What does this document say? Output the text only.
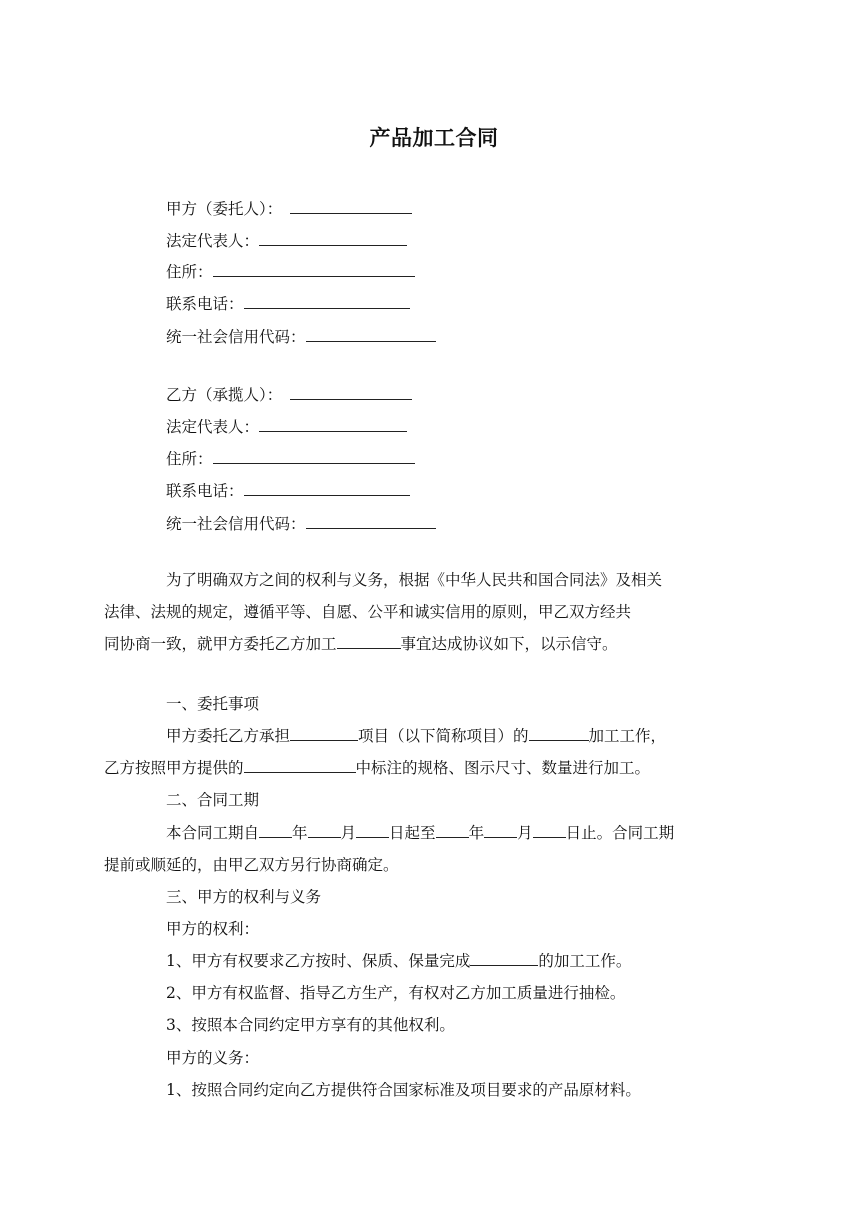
产品加工合同
甲方（委托人）：
法定代表人：
住所：
联系电话：
统一社会信用代码：
乙方（承揽人）：
法定代表人：
住所：
联系电话：
统一社会信用代码：
为了明确双方之间的权利与义务，根据《中华人民共和国合同法》及相关
法律、法规的规定，遵循平等、自愿、公平和诚实信用的原则，甲乙双方经共
同协商一致，就甲方委托乙方加工	事宜达成协议如下，以示信守。
一、委托事项
甲方委托乙方承担	项目（以下简称项目）的	加工工作，
乙方按照甲方提供的	中标注的规格、图示尺寸、数量进行加工。
二、合同工期
本合同工期自 年 月 日起至 年 月 日止。合同工期
提前或顺延的，由甲乙双方另行协商确定。
三、甲方的权利与义务
甲方的权利：
1、甲方有权要求乙方按时、保质、保量完成	的加工工作。
2、甲方有权监督、指导乙方生产，有权对乙方加工质量进行抽检。
3、按照本合同约定甲方享有的其他权利。
甲方的义务：
1、按照合同约定向乙方提供符合国家标准及项目要求的产品原材料。
